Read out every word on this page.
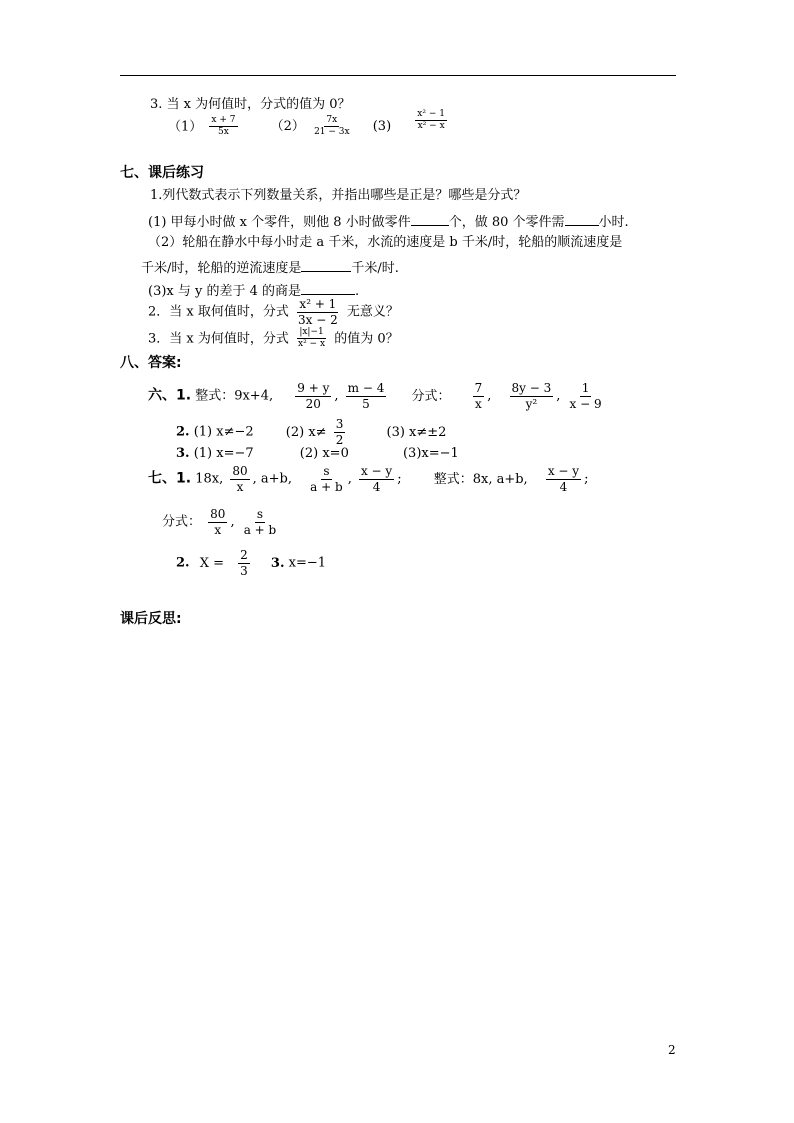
3. 当 x 为何值时，分式的值为 0？
$(1) \frac{x + 7}{5x}$	$(2) \frac{7x}{21 - 3x} (3)$	$\frac{\text{x² − 1}}{\text{x² − x}}$
七、课后练习
1.列代数式表示下列数量关系，并指出哪些是正是？哪些是分式？
(1) 甲每小时做 x 个零件，则他 8 小时做零件	个，做 80 个零件需	小时.
（2）轮船在静水中每小时走 a 千米，水流的速度是 b 千米/时，轮船的顺流速度是
千米/时，轮船的逆流速度是	千米/时.
(3)x 与 y 的差于 4 的商是	.
2．当 x 取何值时，分式 $\frac{\text{x² + 1}}{3x - 2}$ 无意义？
3．当 x 为何值时，分式 $\frac{|x|-1}{\text{x² − x}}$ 的值为 0？
八、答案:
六、1. 整式：9x+4, $\frac{9 + y}{20}$ , $\frac{m - 4}{5}$ 分式： $\frac{7}{x}$ , $\frac{8y - 3}{\text{y²}}$ , $\frac{1}{x - 9}$
2. (1) x≠−2 (2) $x\ne \frac{3}{2}$	(3) x≠±2
3. (1) x=−7	(2) x=0	(3)x=−1
七、1. 18x, $\frac{80}{x}$ , a+b, $\frac{s}{a + b}$ , $\frac{x - y}{4}$ ; 整式：8x, a+b, $\frac{x - y}{4}$ ;
分式： $\frac{80}{x}$ , $\frac{s}{a + b}$
2. $X = \frac{2}{3} 3$. x=−1
课后反思:
2
